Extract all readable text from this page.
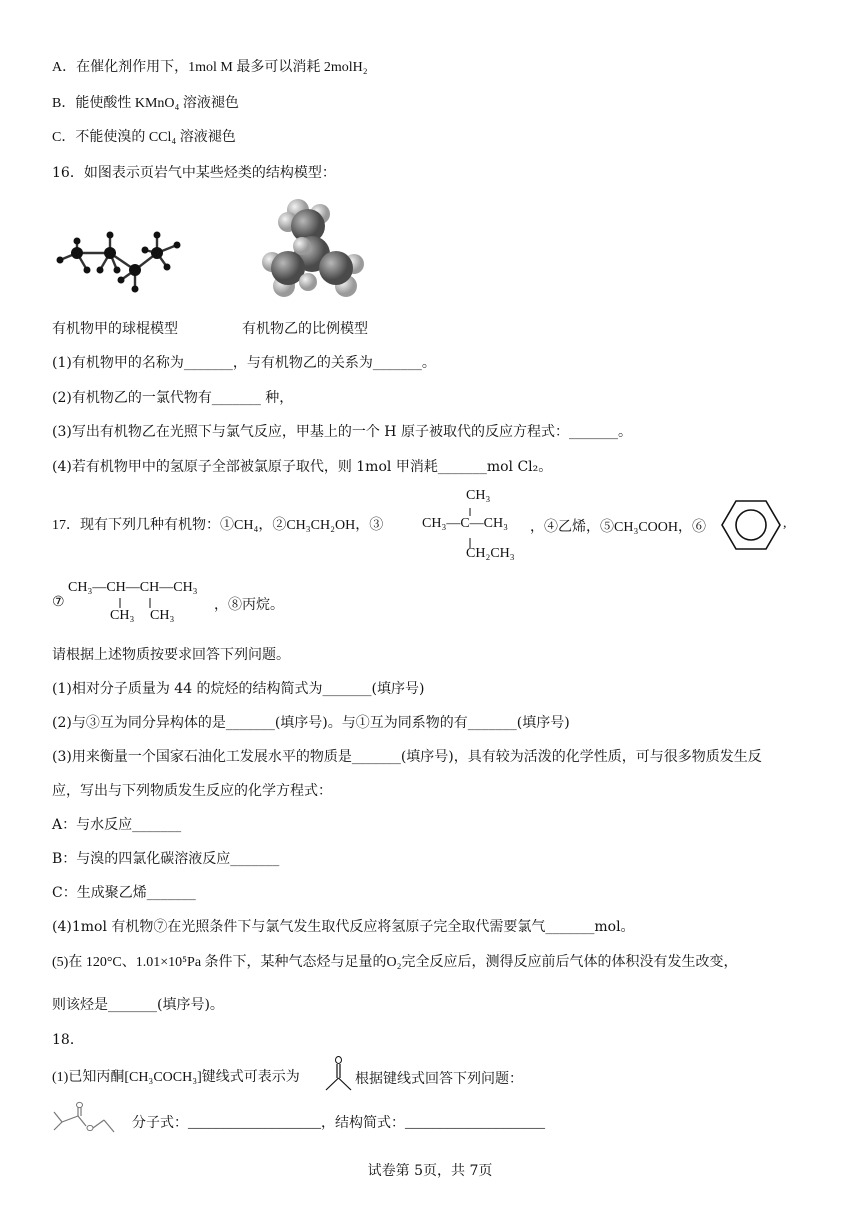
A．在催化剂作用下，1mol M 最多可以消耗 2molH₂
B．能使酸性 KMnO₄ 溶液褪色
C．不能使溴的 CCl₄ 溶液褪色
16．如图表示页岩气中某些烃类的结构模型：
有机物甲的球棍模型	有机物乙的比例模型
(1)有机物甲的名称为_______，与有机物乙的关系为_______。
(2)有机物乙的一氯代物有_______ 种，
(3)写出有机物乙在光照下与氯气反应，甲基上的一个 H 原子被取代的反应方程式：_______。
(4)若有机物甲中的氢原子全部被氯原子取代，则 1mol 甲消耗_______mol Cl₂。
17．现有下列几种有机物：①CH₄，②CH₃CH₂OH，③
CH₃
CH₃—C—CH₃
CH₂CH₃
，④乙烯，⑤CH₃COOH，⑥	,
⑦
CH₃—CH—CH—CH₃
CH₃ CH₃
，⑧丙烷。
请根据上述物质按要求回答下列问题。
(1)相对分子质量为 44 的烷烃的结构简式为_______(填序号)
(2)与③互为同分异构体的是_______(填序号)。与①互为同系物的有_______(填序号)
(3)用来衡量一个国家石油化工发展水平的物质是_______(填序号)，具有较为活泼的化学性质，可与很多物质发生反
应，写出与下列物质发生反应的化学方程式：
A：与水反应_______
B：与溴的四氯化碳溶液反应_______
C：生成聚乙烯_______
(4)1mol 有机物⑦在光照条件下与氯气发生取代反应将氢原子完全取代需要氯气_______mol。
(5)在 120°C、1.01×10⁵Pa 条件下，某种气态烃与足量的O₂完全反应后，测得反应前后气体的体积没有发生改变，
则该烃是_______(填序号)。
18．
(1)已知丙酮[CH₃COCH₃]键线式可表示为	根据键线式回答下列问题：
分子式：___________________，结构简式：____________________
试卷第 5页，共 7页
